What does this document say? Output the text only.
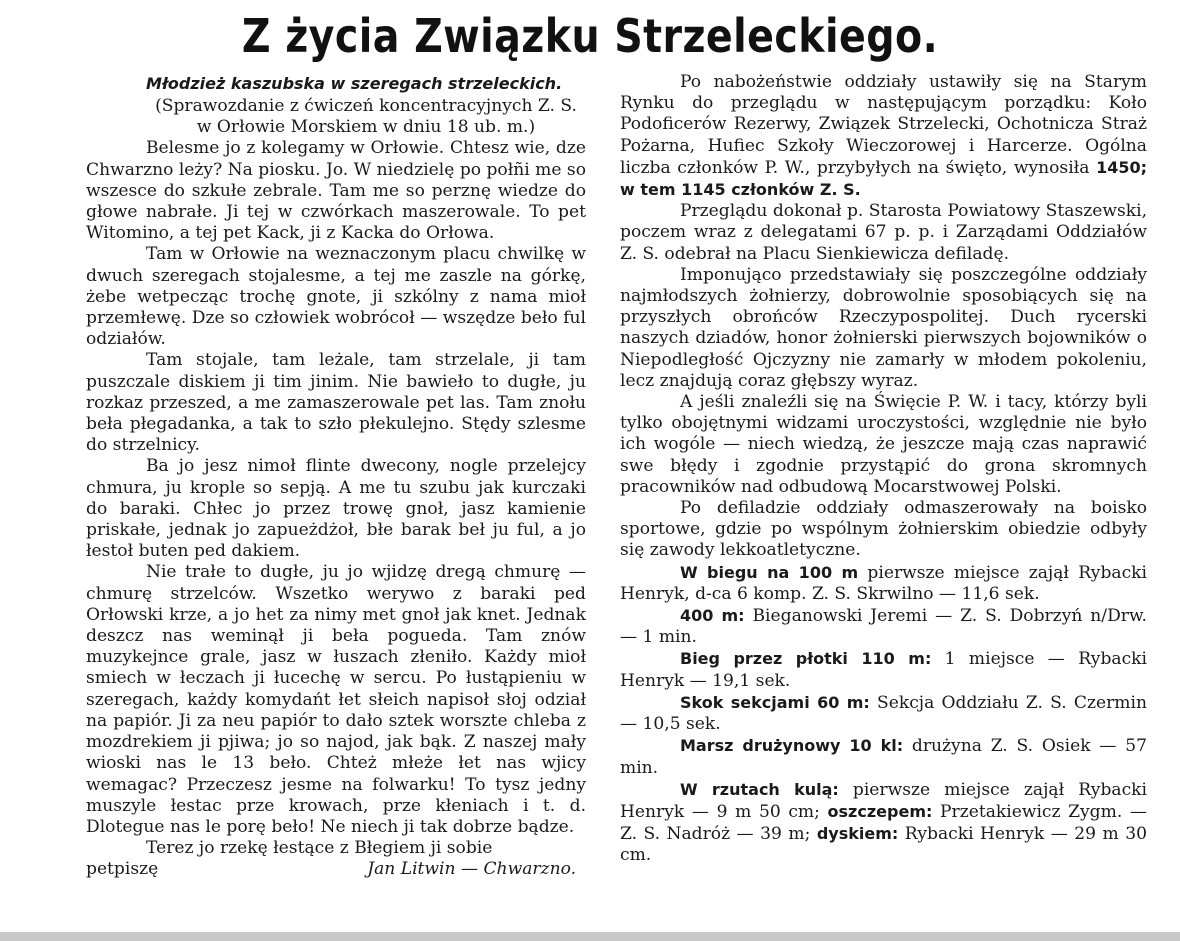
Z życia Związku Strzeleckiego.

Młodzież kaszubska w szeregach strzeleckich.

(Sprawozdanie z ćwiczeń koncentracyjnych Z. S.

w Orłowie Morskiem w dniu 18 ub. m.)

Belesme jo z kolegamy w Orłowie. Chtesz wie, dze Chwarzno leży? Na piosku. Jo. W niedzielę po połñi me so wszesce do szkułe zebrale. Tam me so perznę wiedze do głowe nabrałe. Ji tej w czwórkach maszerowale. To pet Witomino, a tej pet Kack, ji z Kacka do Orłowa.

Tam w Orłowie na weznaczonym placu chwilkę w dwuch szeregach stojalesme, a tej me zaszle na górkę, żebe wetpecząc trochę gnote, ji szkólny z nama mioł przemłewę. Dze so człowiek wobrócoł — wszędze beło ful odziałów.

Tam stojale, tam leżale, tam strzelale, ji tam puszczale diskiem ji tim jinim. Nie bawieło to dugłe, ju rozkaz przeszed, a me zamaszerowale pet las. Tam znołu beła płegadanka, a tak to szło płekulejno. Stędy szlesme do strzelnicy.

Ba jo jesz nimoł flinte dwecony, nogle przelejcy chmura, ju krople so sepją. A me tu szubu jak kurczaki do baraki. Chłec jo przez trowę gnoł, jasz kamienie priskałe, jednak jo zapueżdżoł, błe barak beł ju ful, a jo łestoł buten ped dakiem.

Nie trałe to dugłe, ju jo wjidzę dregą chmurę — chmurę strzelców. Wszetko werywo z baraki ped Orłowski krze, a jo het za nimy met gnoł jak knet. Jednak deszcz nas weminął ji beła pogueda. Tam znów muzykejnce grale, jasz w łuszach złeniło. Każdy mioł smiech w łeczach ji łucechę w sercu. Po łustąpieniu w szeregach, każdy komydańt łet słeich napisoł słoj odział na papiór. Ji za neu papiór to dało sztek worszte chleba z mozdrekiem ji pjiwa; jo so najod, jak bąk. Z naszej mały wioski nas le 13 beło. Chteż młeże łet nas wjicy wemagac? Przeczesz jesme na folwarku! To tysz jedny muszyle łestac prze krowach, prze kłeniach i t. d. Dlotegue nas le porę beło! Ne niech ji tak dobrze bądze.

Terez jo rzekę łestące z Błegiem ji sobie

petpiszę	Jan Litwin — Chwarzno.

Po nabożeństwie oddziały ustawiły się na Starym Rynku do przeglądu w następującym porządku: Koło Podoficerów Rezerwy, Związek Strzelecki, Ochotnicza Straż Pożarna, Hufiec Szkoły Wieczorowej i Harcerze. Ogólna liczba członków P. W., przybyłych na święto, wynosiła 1450; w tem 1145 członków Z. S.

Przeglądu dokonał p. Starosta Powiatowy Staszewski, poczem wraz z delegatami 67 p. p. i Zarządami Oddziałów Z. S. odebrał na Placu Sienkiewicza defiladę.

Imponująco przedstawiały się poszczególne oddziały najmłodszych żołnierzy, dobrowolnie sposobiących się na przyszłych obrońców Rzeczypospolitej. Duch rycerski naszych dziadów, honor żołnierski pierwszych bojowników o Niepodległość Ojczyzny nie zamarły w młodem pokoleniu, lecz znajdują coraz głębszy wyraz.

A jeśli znaleźli się na Święcie P. W. i tacy, którzy byli tylko obojętnymi widzami uroczystości, względnie nie było ich wogóle — niech wiedzą, że jeszcze mają czas naprawić swe błędy i zgodnie przystąpić do grona skromnych pracowników nad odbudową Mocarstwowej Polski.

Po defiladzie oddziały odmaszerowały na boisko sportowe, gdzie po wspólnym żołnierskim obiedzie odbyły się zawody lekkoatletyczne.

W biegu na 100 m pierwsze miejsce zajął Rybacki Henryk, d-ca 6 komp. Z. S. Skrwilno — 11,6 sek.

400 m: Bieganowski Jeremi — Z. S. Dobrzyń n/Drw. — 1 min.

Bieg przez płotki 110 m: 1 miejsce — Rybacki Henryk — 19,1 sek.

Skok sekcjami 60 m: Sekcja Oddziału Z. S. Czermin — 10,5 sek.

Marsz drużynowy 10 kl: drużyna Z. S. Osiek — 57 min.

W rzutach kulą: pierwsze miejsce zajął Rybacki Henryk — 9 m 50 cm; oszczepem: Przetakiewicz Zygm. — Z. S. Nadróż — 39 m; dyskiem: Rybacki Henryk — 29 m 30 cm.
